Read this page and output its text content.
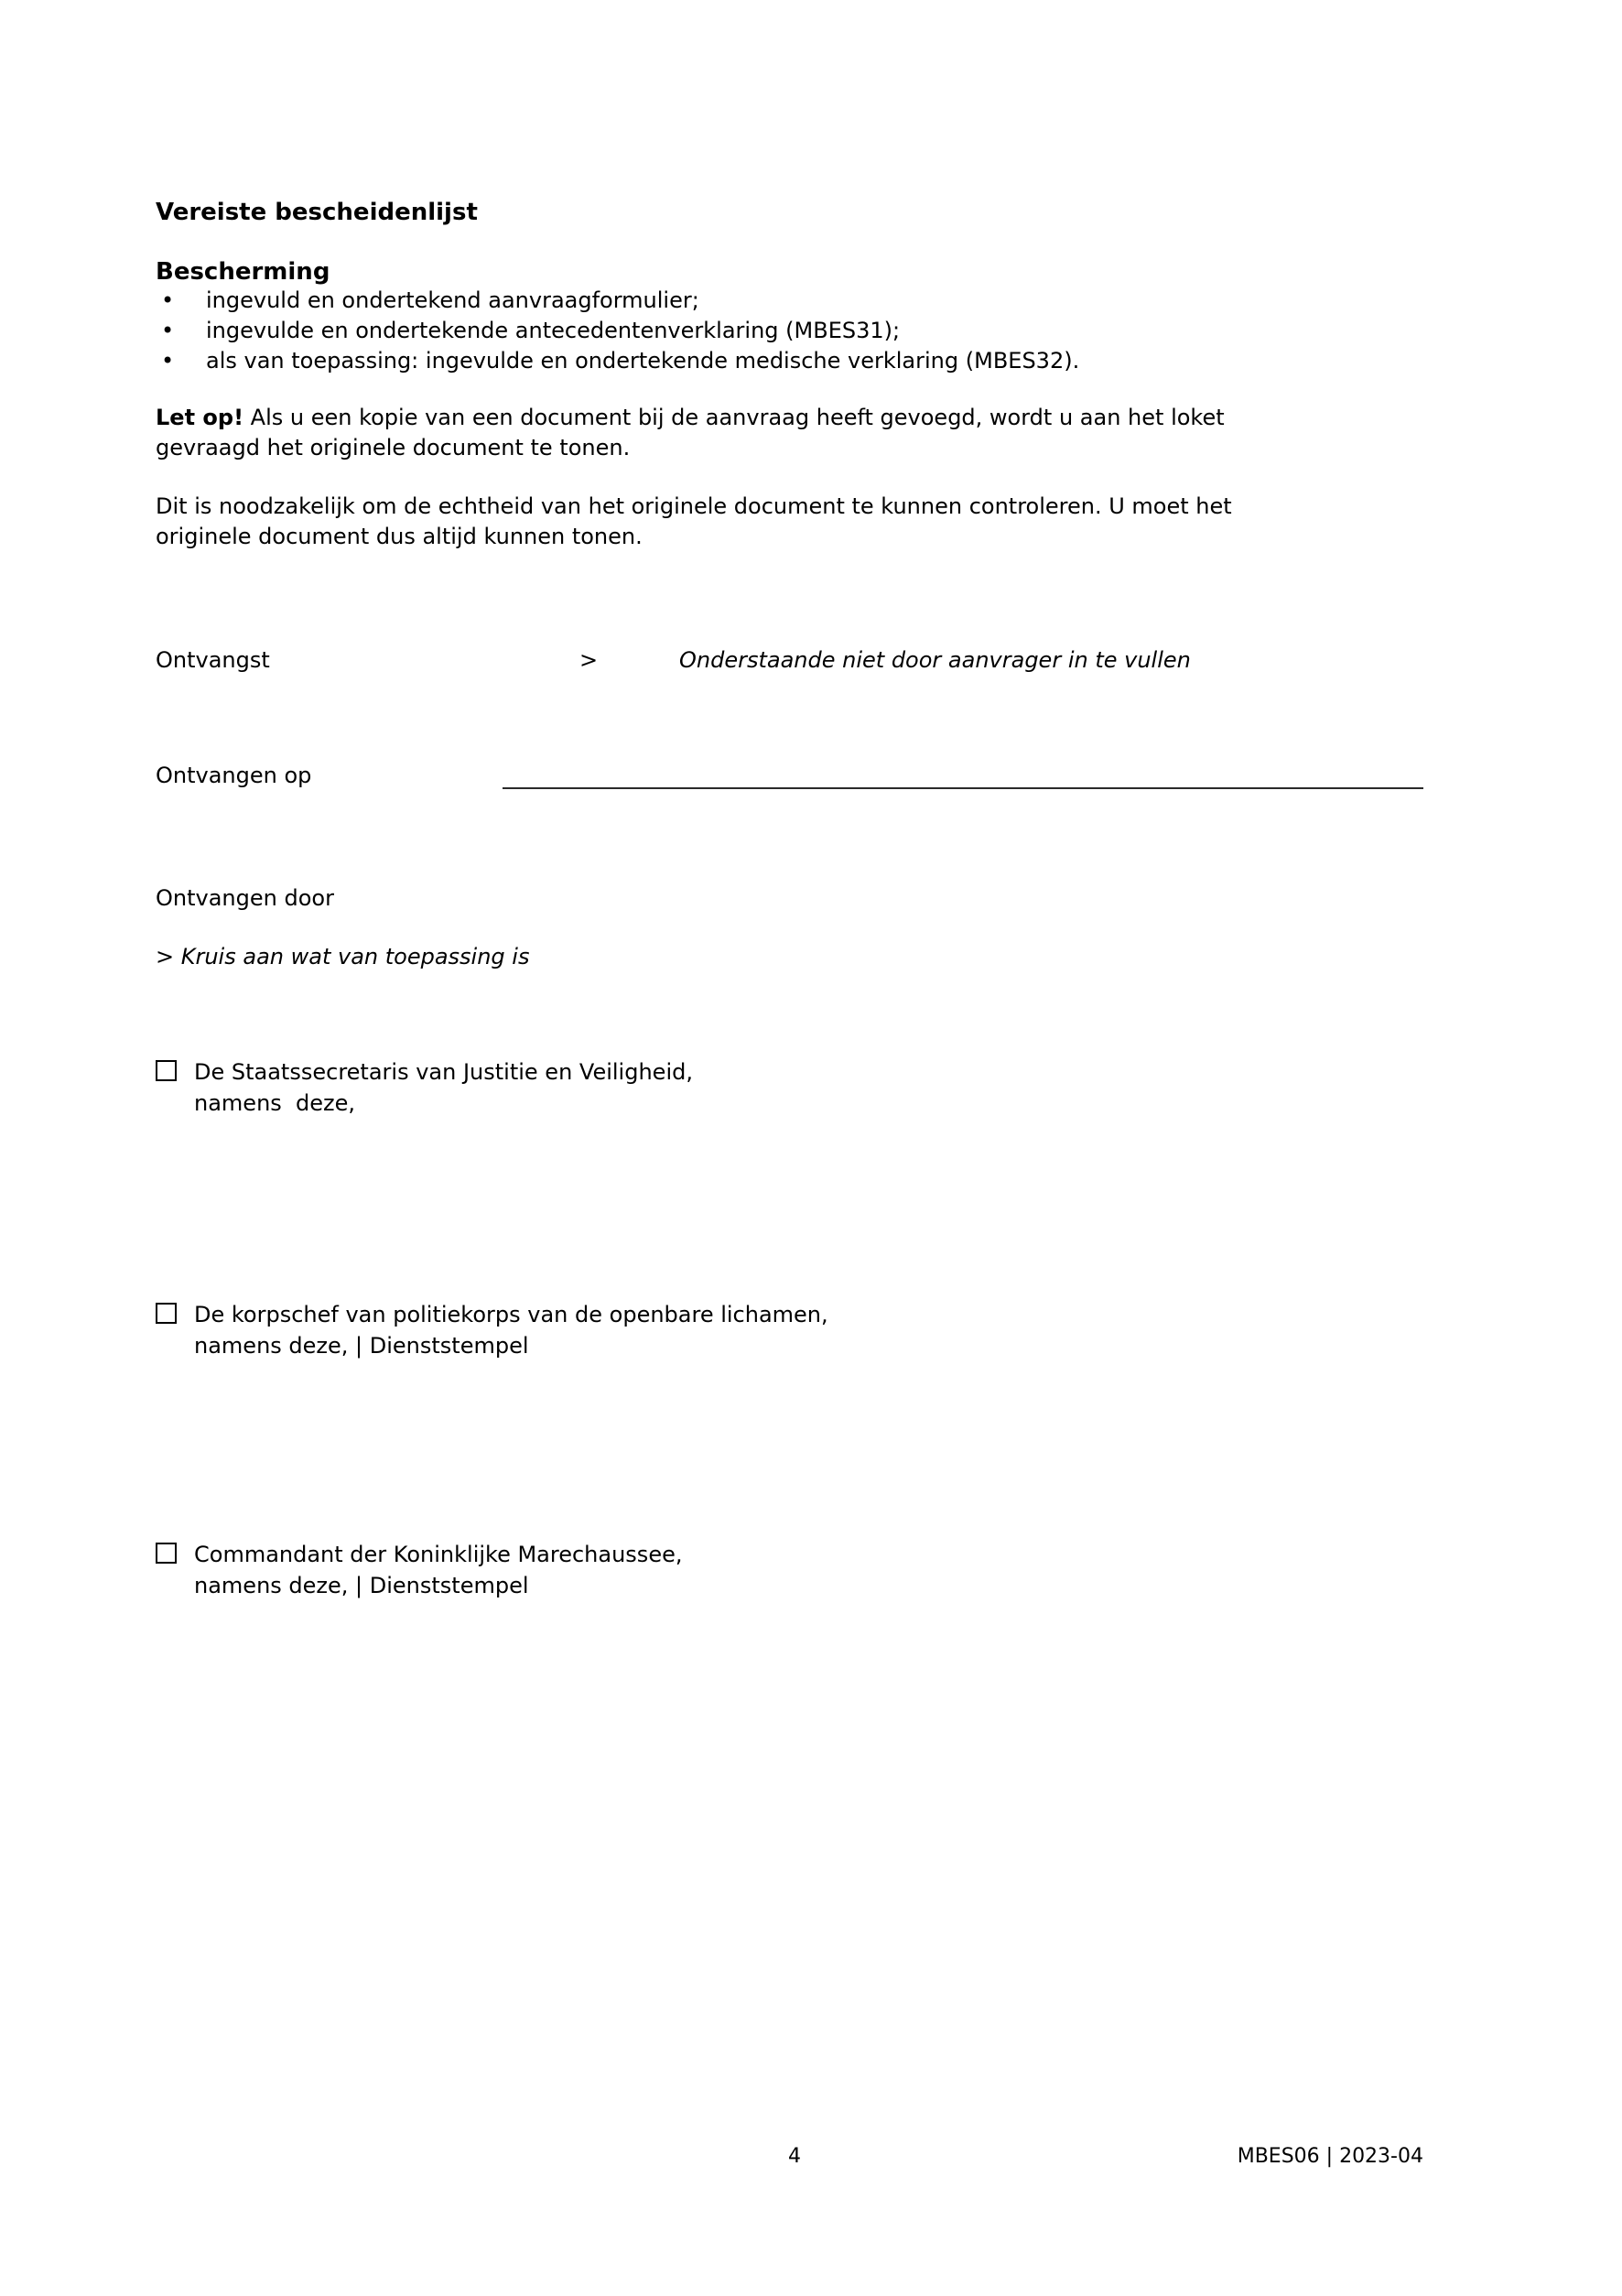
Vereiste bescheidenlijst
Bescherming
•	ingevuld en ondertekend aanvraagformulier;
•	ingevulde en ondertekende antecedentenverklaring (MBES31);
•	als van toepassing: ingevulde en ondertekende medische verklaring (MBES32).
Let op! Als u een kopie van een document bij de aanvraag heeft gevoegd, wordt u aan het loket
gevraagd het originele document te tonen.
Dit is noodzakelijk om de echtheid van het originele document te kunnen controleren. U moet het
originele document dus altijd kunnen tonen.
Ontvangst	>	Onderstaande niet door aanvrager in te vullen
Ontvangen op
Ontvangen door
> Kruis aan wat van toepassing is
De Staatssecretaris van Justitie en Veiligheid,
namens  deze,
De korpschef van politiekorps van de openbare lichamen,
namens deze, | Dienststempel
Commandant der Koninklijke Marechaussee,
namens deze, | Dienststempel
4	MBES06 | 2023-04
